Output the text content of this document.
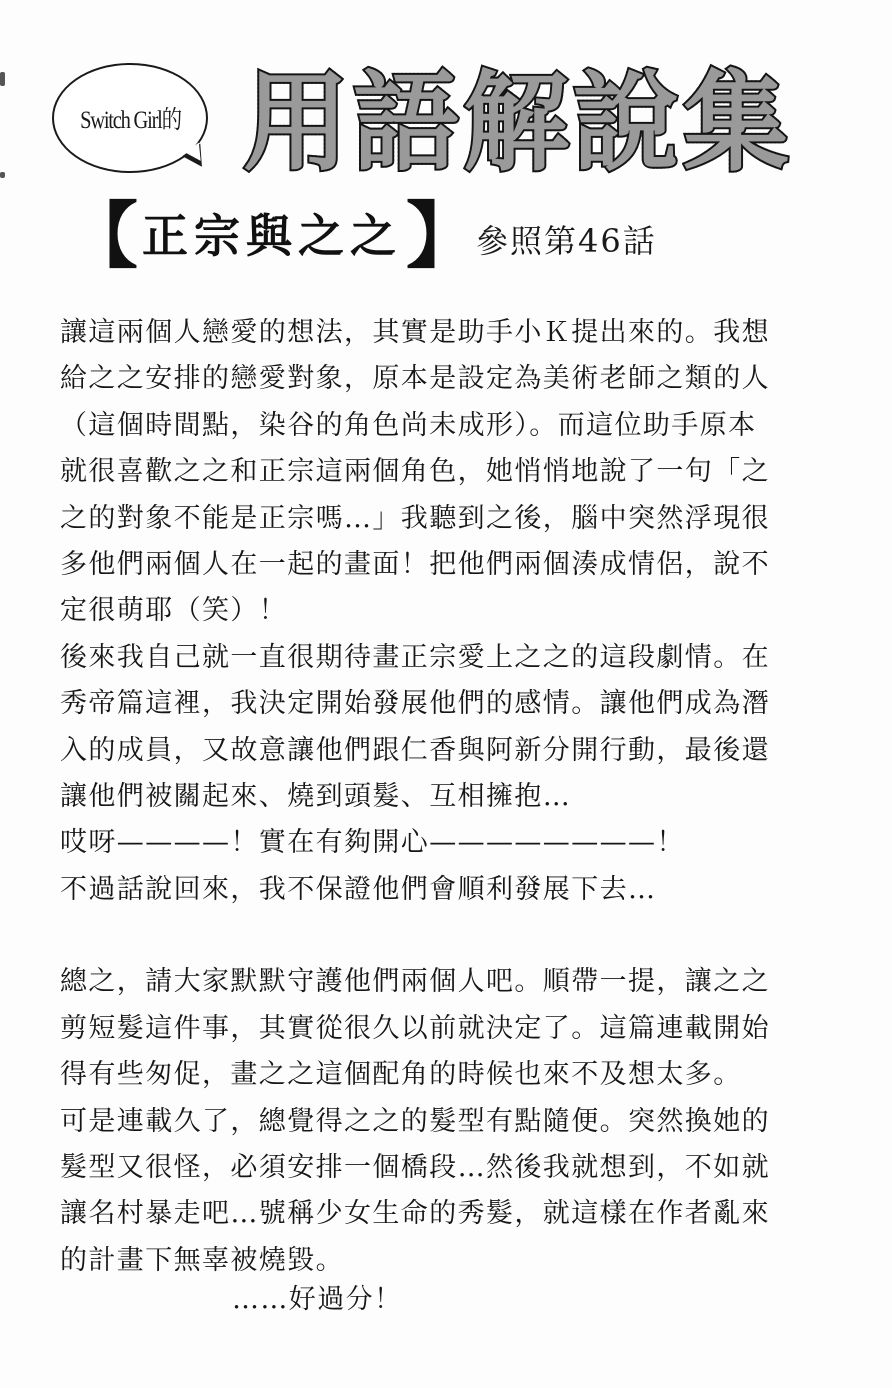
Switch Girl的 用 語 解 說 集
【 正宗與之之 】
參照第46話
讓這兩個人戀愛的想法，其實是助手小Ｋ提出來的。我想
給之之安排的戀愛對象，原本是設定為美術老師之類的人
（這個時間點，染谷的角色尚未成形）。而這位助手原本
就很喜歡之之和正宗這兩個角色，她悄悄地說了一句「之
之的對象不能是正宗嗎…」我聽到之後，腦中突然浮現很
多他們兩個人在一起的畫面！把他們兩個湊成情侶，說不
定很萌耶（笑）！
後來我自己就一直很期待畫正宗愛上之之的這段劇情。在
秀帝篇這裡，我決定開始發展他們的感情。讓他們成為潛
入的成員，又故意讓他們跟仁香與阿新分開行動，最後還
讓他們被關起來、燒到頭髮、互相擁抱…
哎呀————！實在有夠開心————————！
不過話說回來，我不保證他們會順利發展下去…
總之，請大家默默守護他們兩個人吧。順帶一提，讓之之
剪短髮這件事，其實從很久以前就決定了。這篇連載開始
得有些匆促，畫之之這個配角的時候也來不及想太多。
可是連載久了，總覺得之之的髮型有點隨便。突然換她的
髮型又很怪，必須安排一個橋段…然後我就想到，不如就
讓名村暴走吧…號稱少女生命的秀髮，就這樣在作者亂來
的計畫下無辜被燒毀。
……好過分！
